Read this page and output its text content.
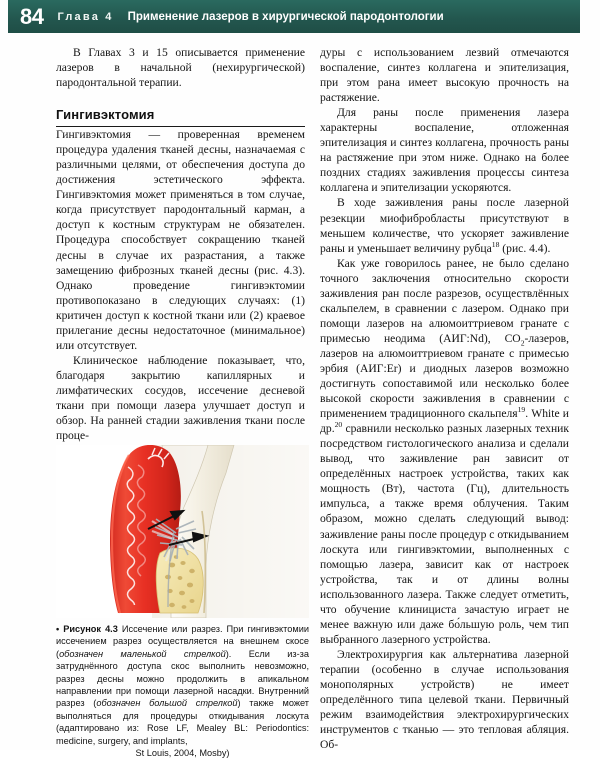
84 Глава 4 Применение лазеров в хирургической пародонтологии

В Главах 3 и 15 описывается применение лазеров в начальной (нехирургической) пародонтальной терапии.

Гингивэктомия

Гингивэктомия — проверенная временем процедура удаления тканей десны, назначаемая с различными целями, от обеспечения доступа до достижения эстетического эффекта. Гингивэктомия может применяться в том случае, когда присутствует пародонтальный карман, а доступ к костным структурам не обязателен. Процедура способствует сокращению тканей десны в случае их разрастания, а также замещению фиброзных тканей десны (рис. 4.3). Однако проведение гингивэктомии противопоказано в следующих случаях: (1) критичен доступ к костной ткани или (2) краевое прилегание десны недостаточное (минимальное) или отсутствует.

Клиническое наблюдение показывает, что, благодаря закрытию капиллярных и лимфатических сосудов, иссечение десневой ткани при помощи лазера улучшает доступ и обзор. На ранней стадии заживления ткани после проце-

дуры с использованием лезвий отмечаются воспаление, синтез коллагена и эпителизация, при этом рана имеет высокую прочность на растяжение.

Для раны после применения лазера характерны воспаление, отложенная эпителизация и синтез коллагена, прочность раны на растяжение при этом ниже. Однако на более поздних стадиях заживления процессы синтеза коллагена и эпителизации ускоряются.

В ходе заживления раны после лазерной резекции миофибробласты присутствуют в меньшем количестве, что ускоряет заживление раны и уменьшает величину рубца$^{18}$ (рис. 4.4).

Как уже говорилось ранее, не было сделано точного заключения относительно скорости заживления ран после разрезов, осуществлённых скальпелем, в сравнении с лазером. Однако при помощи лазеров на алюмоиттриевом гранате с примесью неодима (АИГ:Nd), $CO_2$-лазеров, лазеров на алюмоиттриевом гранате с примесью эрбия (АИГ:Er) и диодных лазеров возможно достигнуть сопоставимой или несколько более высокой скорости заживления в сравнении с применением традиционного скальпеля$^{19}$. White и др.$^{20}$ сравнили несколько разных лазерных техник посредством гистологического анализа и сделали вывод, что заживление ран зависит от определённых настроек устройства, таких как мощность (Вт), частота (Гц), длительность импульса, а также время облучения. Таким образом, можно сделать следующий вывод: заживление раны после процедур с откидыванием лоскута или гингивэктомии, выполненных с помощью лазера, зависит как от настроек устройства, так и от длины волны использованного лазера. Также следует отметить, что обучение клинициста зачастую играет не менее важную или даже бо́льшую роль, чем тип выбранного лазерного устройства.

Электрохирургия как альтернатива лазерной терапии (особенно в случае использования монополярных устройств) не имеет определённого типа целевой ткани. Первичный режим взаимодействия электрохирургических инструментов с тканью — это тепловая абляция. Об-

• Рисунок 4.3 Иссечение или разрез. При гингивэктомии иссечением разрез осуществляется на внешнем скосе (обозначен маленькой стрелкой). Если из-за затруднённого доступа скос выполнить невозможно, разрез десны можно продолжить в апикальном направлении при помощи лазерной насадки. Внутренний разрез (обозначен большой стрелкой) также может выполняться для процедуры откидывания лоскута (адаптировано из: Rose LF, Mealey BL: Periodontics: medicine, surgery, and implants,
St Louis, 2004, Mosby)
